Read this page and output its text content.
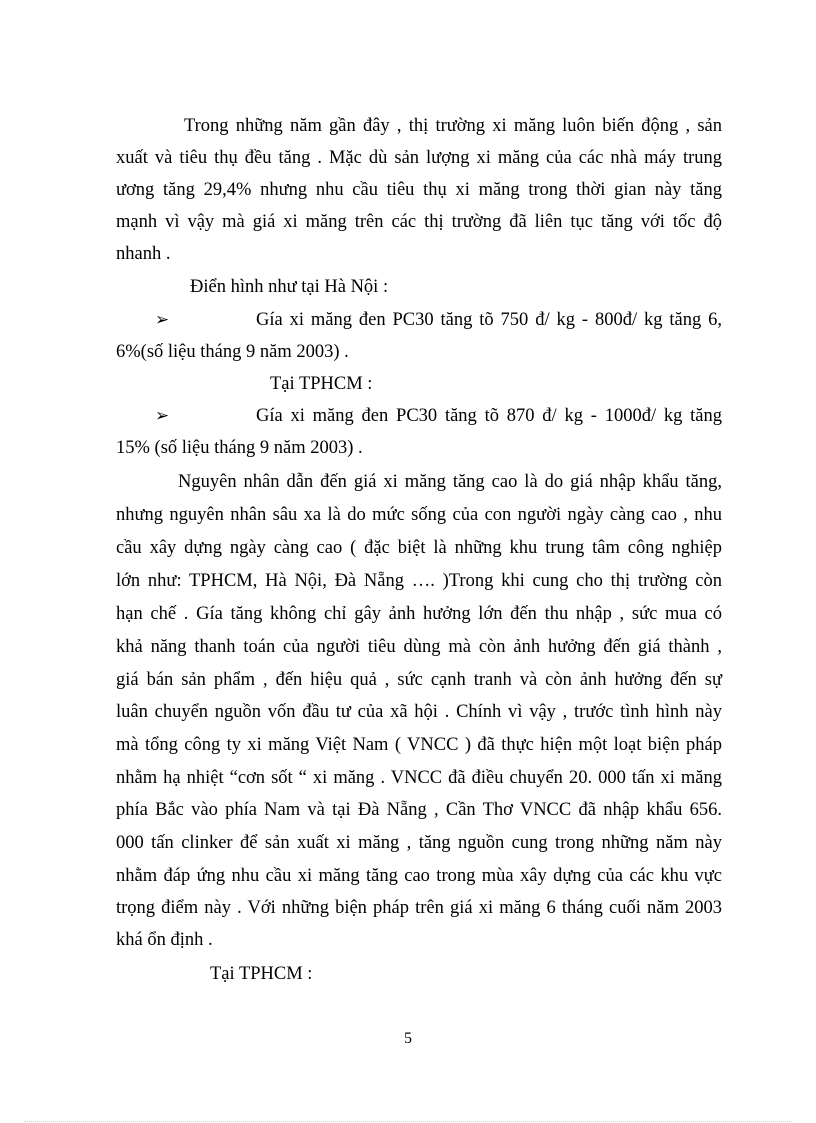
Trong những năm gần đây , thị trường xi măng luôn biến động , sản
xuất và tiêu thụ đều tăng . Mặc dù sản lượng xi măng của các nhà máy trung
ương tăng 29,4% nhưng nhu cầu tiêu thụ xi măng trong thời gian này tăng
mạnh vì vậy mà giá xi măng trên các thị trường đã liên tục tăng với tốc độ
nhanh .
Điển hình như tại Hà Nội :
➢	Gía xi măng đen PC30 tăng tõ 750 đ/ kg - 800đ/ kg tăng 6,
6%(số liệu tháng 9 năm 2003) .
Tại TPHCM :
➢	Gía xi măng đen PC30 tăng tõ 870 đ/ kg - 1000đ/ kg tăng
15% (số liệu tháng 9 năm 2003) .
Nguyên nhân dẫn đến giá xi măng tăng cao là do giá nhập khẩu tăng,
nhưng nguyên nhân sâu xa là do mức sống của con người ngày càng cao , nhu
cầu xây dựng ngày càng cao ( đặc biệt là những khu trung tâm công nghiệp
lớn như: TPHCM, Hà Nội, Đà Nẵng …. )Trong khi cung cho thị trường còn
hạn chế . Gía tăng không chỉ gây ảnh hưởng lớn đến thu nhập , sức mua có
khả năng thanh toán của người tiêu dùng mà còn ảnh hưởng đến giá thành ,
giá bán sản phẩm , đến hiệu quả , sức cạnh tranh và còn ảnh hưởng đến sự
luân chuyển nguồn vốn đầu tư của xã hội . Chính vì vậy , trước tình hình này
mà tổng công ty xi măng Việt Nam ( VNCC ) đã thực hiện một loạt biện pháp
nhằm hạ nhiệt “cơn sốt “ xi măng . VNCC đã điều chuyển 20. 000 tấn xi măng
phía Bắc vào phía Nam và tại Đà Nẵng , Cần Thơ VNCC đã nhập khẩu 656.
000 tấn clinker để sản xuất xi măng , tăng nguồn cung trong những năm này
nhằm đáp ứng nhu cầu xi măng tăng cao trong mùa xây dựng của các khu vực
trọng điểm này . Với những biện pháp trên giá xi măng 6 tháng cuối năm 2003
khá ổn định .
Tại TPHCM :
5
